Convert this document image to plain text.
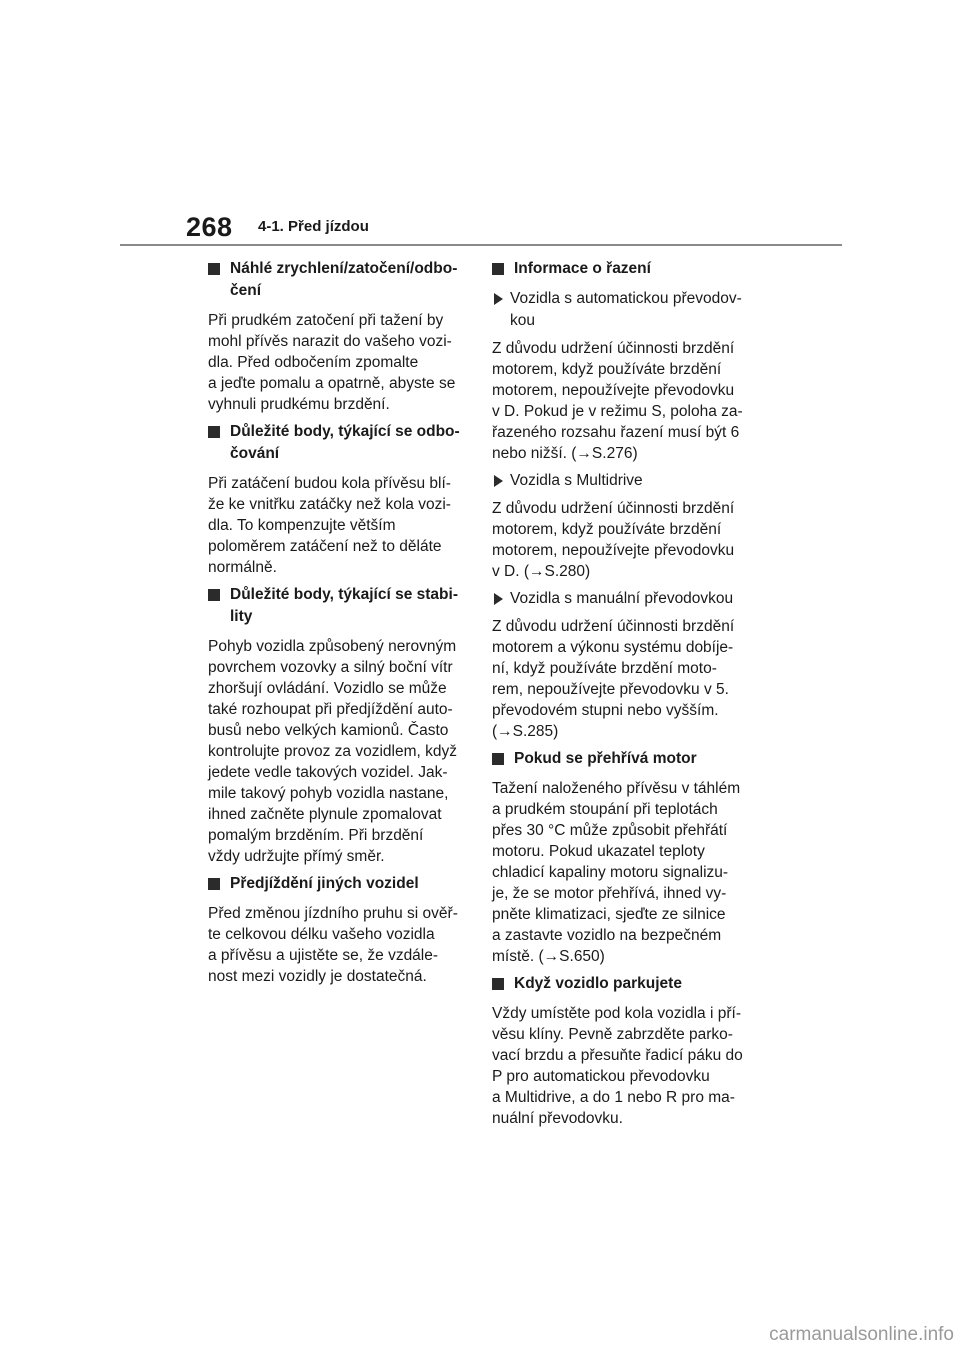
268 4-1. Před jízdou

Náhlé zrychlení/zatočení/odbo-
čení

Při prudkém zatočení při tažení by
mohl přívěs narazit do vašeho vozi-
dla. Před odbočením zpomalte
a jeďte pomalu a opatrně, abyste se
vyhnuli prudkému brzdění.

Důležité body, týkající se odbo-
čování

Při zatáčení budou kola přívěsu blí-
že ke vnitřku zatáčky než kola vozi-
dla. To kompenzujte větším
poloměrem zatáčení než to děláte
normálně.

Důležité body, týkající se stabi-
lity

Pohyb vozidla způsobený nerovným
povrchem vozovky a silný boční vítr
zhoršují ovládání. Vozidlo se může
také rozhoupat při předjíždění auto-
busů nebo velkých kamionů. Často
kontrolujte provoz za vozidlem, když
jedete vedle takových vozidel. Jak-
mile takový pohyb vozidla nastane,
ihned začněte plynule zpomalovat
pomalým brzděním. Při brzdění
vždy udržujte přímý směr.

Předjíždění jiných vozidel

Před změnou jízdního pruhu si ověř-
te celkovou délku vašeho vozidla
a přívěsu a ujistěte se, že vzdále-
nost mezi vozidly je dostatečná.

Informace o řazení

Vozidla s automatickou převodov-
kou

Z důvodu udržení účinnosti brzdění
motorem, když používáte brzdění
motorem, nepoužívejte převodovku
v D. Pokud je v režimu S, poloha za-
řazeného rozsahu řazení musí být 6
nebo nižší. (→S.276)

Vozidla s Multidrive

Z důvodu udržení účinnosti brzdění
motorem, když používáte brzdění
motorem, nepoužívejte převodovku
v D. (→S.280)

Vozidla s manuální převodovkou

Z důvodu udržení účinnosti brzdění
motorem a výkonu systému dobíje-
ní, když používáte brzdění moto-
rem, nepoužívejte převodovku v 5.
převodovém stupni nebo vyšším.
(→S.285)

Pokud se přehřívá motor

Tažení naloženého přívěsu v táhlém
a prudkém stoupání při teplotách
přes 30 °C může způsobit přehřátí
motoru. Pokud ukazatel teploty
chladicí kapaliny motoru signalizu-
je, že se motor přehřívá, ihned vy-
pněte klimatizaci, sjeďte ze silnice
a zastavte vozidlo na bezpečném
místě. (→S.650)

Když vozidlo parkujete

Vždy umístěte pod kola vozidla i pří-
věsu klíny. Pevně zabrzděte parko-
vací brzdu a přesuňte řadicí páku do
P pro automatickou převodovku
a Multidrive, a do 1 nebo R pro ma-
nuální převodovku.

carmanualsonline.info
